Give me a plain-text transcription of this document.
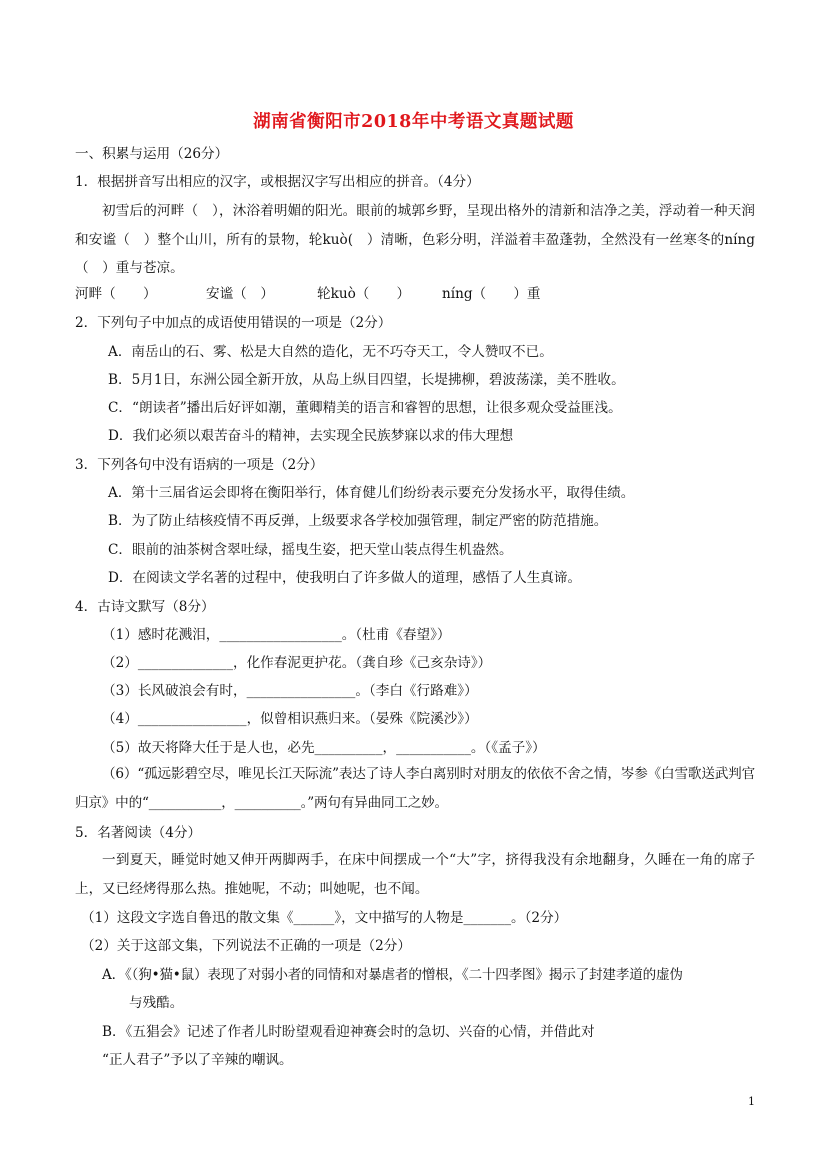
湖南省衡阳市2018年中考语文真题试题
一、积累与运用（26分）
1．根据拼音写出相应的汉字，或根据汉字写出相应的拼音。（4分）
初雪后的河畔（　），沐浴着明媚的阳光。眼前的城郭乡野，呈现出格外的清新和洁净之美，浮动着一种天润和安谧（　）整个山川，所有的景物，轮kuò(　）清晰，色彩分明，洋溢着丰盈蓬勃，全然没有一丝寒冬的níng（　）重与苍凉。
河畔（　　）	安谧（　）	轮kuò（　　） níng（　　）重
2．下列句子中加点的成语使用错误的一项是（2分）
A．南岳山的石、雾、松是大自然的造化，无不巧夺天工，令人赞叹不已。
B．5月1日，东洲公园全新开放，从岛上纵目四望，长堤拂柳，碧波荡漾，美不胜收。
C．“朗读者”播出后好评如潮，董卿精美的语言和睿智的思想，让很多观众受益匪浅。
D．我们必须以艰苦奋斗的精神，去实现全民族梦寐以求的伟大理想
3．下列各句中没有语病的一项是（2分）
A．第十三届省运会即将在衡阳举行，体育健儿们纷纷表示要充分发扬水平，取得佳绩。
B．为了防止结核疫情不再反弹，上级要求各学校加强管理，制定严密的防范措施。
C．眼前的油茶树含翠吐绿，摇曳生姿，把天堂山装点得生机盎然。
D．在阅读文学名著的过程中，使我明白了许多做人的道理，感悟了人生真谛。
4．古诗文默写（8分）
（1）感时花溅泪，__________________。（杜甫《春望》）
（2）______________，化作春泥更护花。（龚自珍《己亥杂诗》）
（3）长风破浪会有时，________________。（李白《行路难》）
（4）________________，似曾相识燕归来。（晏殊《院溪沙》）
（5）故天将降大任于是人也，必先__________，___________。（《孟子》）
（6）“孤远影碧空尽，唯见长江天际流”表达了诗人李白离别时对朋友的依依不舍之情，岑参《白雪歌送武判官归京》中的“___________，__________。”两句有异曲同工之妙。
5．名著阅读（4分）
一到夏天，睡觉时她又伸开两脚两手，在床中间摆成一个“大”字，挤得我没有余地翻身，久睡在一角的席子上，又已经烤得那么热。推她呢，不动；叫她呢，也不闻。
（1）这段文字选自鲁迅的散文集《______》，文中描写的人物是_______。（2分）
（2）关于这部文集，下列说法不正确的一项是（2分）
A．《（狗•猫•鼠）表现了对弱小者的同情和对暴虐者的憎根，《二十四孝图》揭示了封建孝道的虚伪
与残酷。
B．《五猖会》记述了作者儿时盼望观看迎神赛会时的急切、兴奋的心情，并借此对
“正人君子”予以了辛辣的嘲讽。
1
